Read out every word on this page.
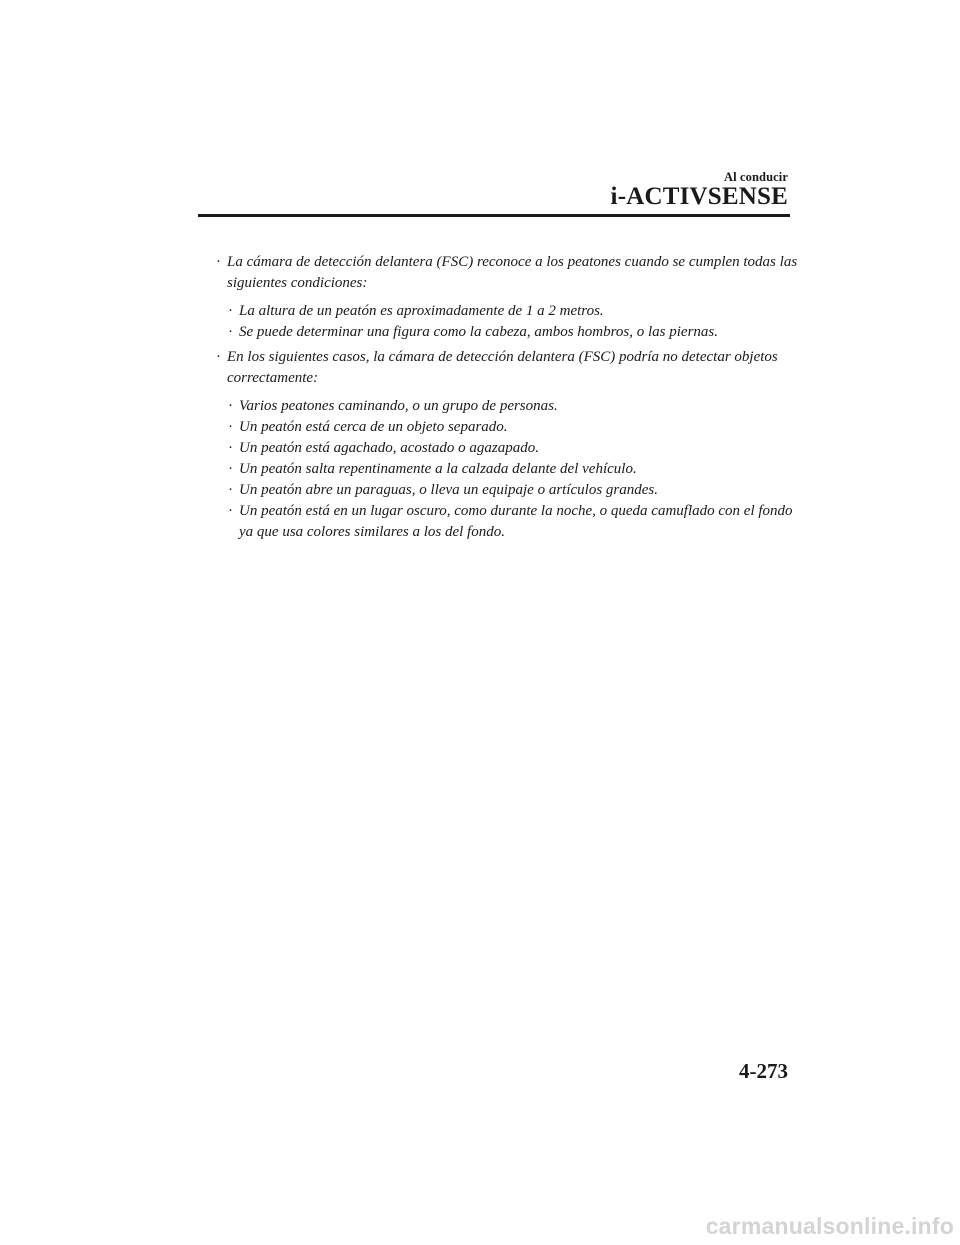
Al conducir
i-ACTIVSENSE
· La cámara de detección delantera (FSC) reconoce a los peatones cuando se cumplen todas las siguientes condiciones:
· La altura de un peatón es aproximadamente de 1 a 2 metros.
· Se puede determinar una figura como la cabeza, ambos hombros, o las piernas.
· En los siguientes casos, la cámara de detección delantera (FSC) podría no detectar objetos correctamente:
· Varios peatones caminando, o un grupo de personas.
· Un peatón está cerca de un objeto separado.
· Un peatón está agachado, acostado o agazapado.
· Un peatón salta repentinamente a la calzada delante del vehículo.
· Un peatón abre un paraguas, o lleva un equipaje o artículos grandes.
· Un peatón está en un lugar oscuro, como durante la noche, o queda camuflado con el fondo ya que usa colores similares a los del fondo.
4-273
carmanualsonline.info
